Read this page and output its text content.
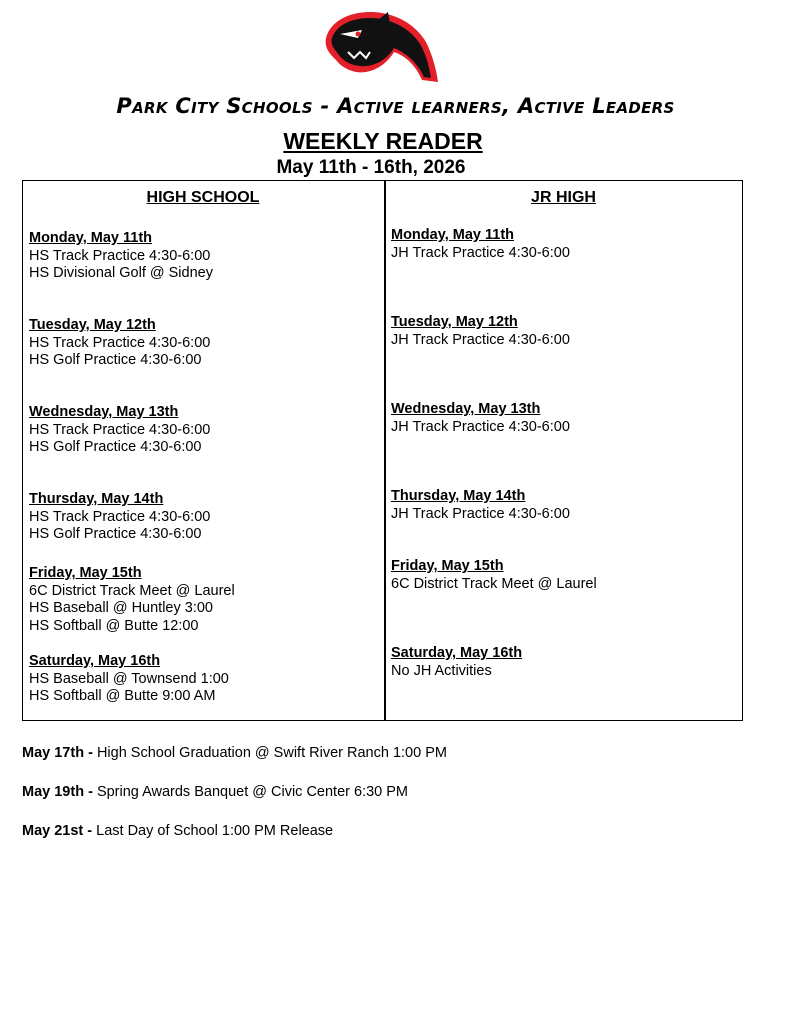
Park City Schools - Active learners, Active Leaders
WEEKLY READER
May 11th - 16th, 2026
HIGH SCHOOL	JR HIGH
Monday, May 11th
HS Track Practice 4:30-6:00
HS Divisional Golf @ Sidney
Tuesday, May 12th
HS Track Practice 4:30-6:00
HS Golf Practice 4:30-6:00
Wednesday, May 13th
HS Track Practice 4:30-6:00
HS Golf Practice 4:30-6:00
Thursday, May 14th
HS Track Practice 4:30-6:00
HS Golf Practice 4:30-6:00
Friday, May 15th
6C District Track Meet @ Laurel
HS Baseball @ Huntley 3:00
HS Softball @ Butte 12:00
Saturday, May 16th
HS Baseball @ Townsend 1:00
HS Softball @ Butte 9:00 AM
Monday, May 11th
JH Track Practice 4:30-6:00
Tuesday, May 12th
JH Track Practice 4:30-6:00
Wednesday, May 13th
JH Track Practice 4:30-6:00
Thursday, May 14th
JH Track Practice 4:30-6:00
Friday, May 15th
6C District Track Meet @ Laurel
Saturday, May 16th
No JH Activities
May 17th - High School Graduation @ Swift River Ranch 1:00 PM
May 19th - Spring Awards Banquet @ Civic Center 6:30 PM
May 21st - Last Day of School 1:00 PM Release
